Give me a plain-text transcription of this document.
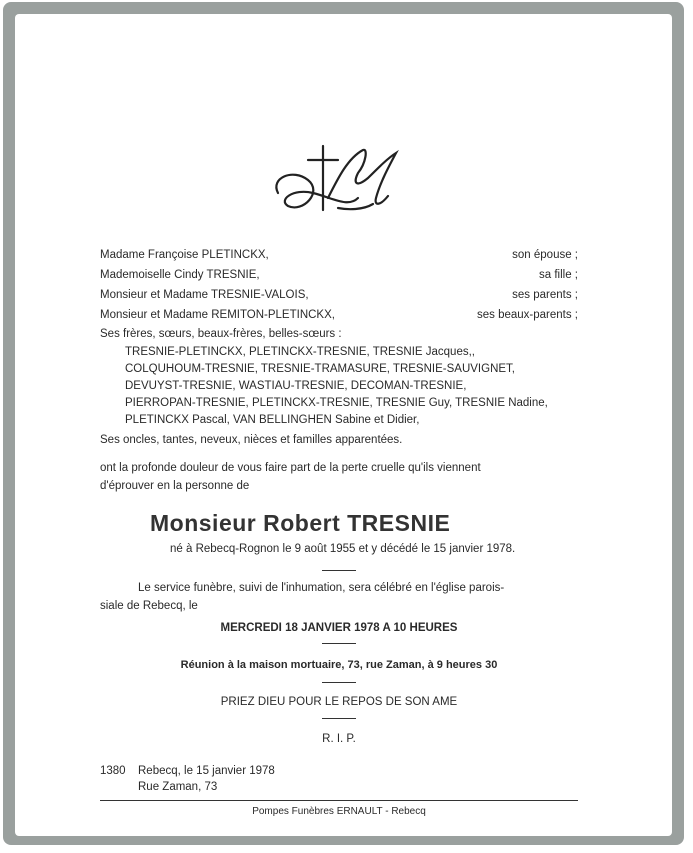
Madame Françoise PLETINCKX,	son épouse ;
Mademoiselle Cindy TRESNIE,	sa fille ;
Monsieur et Madame TRESNIE-VALOIS,	ses parents ;
Monsieur et Madame REMITON-PLETINCKX,	ses beaux-parents ;
Ses frères, sœurs, beaux-frères, belles-sœurs :
TRESNIE-PLETINCKX, PLETINCKX-TRESNIE, TRESNIE Jacques,,
COLQUHOUM-TRESNIE, TRESNIE-TRAMASURE, TRESNIE-SAUVIGNET,
DEVUYST-TRESNIE, WASTIAU-TRESNIE, DECOMAN-TRESNIE,
PIERROPAN-TRESNIE, PLETINCKX-TRESNIE, TRESNIE Guy, TRESNIE Nadine,
PLETINCKX Pascal, VAN BELLINGHEN Sabine et Didier,
Ses oncles, tantes, neveux, nièces et familles apparentées.
ont la profonde douleur de vous faire part de la perte cruelle qu'ils viennent
d'éprouver en la personne de
Monsieur Robert TRESNIE
né à Rebecq-Rognon le 9 août 1955 et y décédé le 15 janvier 1978.
Le service funèbre, suivi de l'inhumation, sera célébré en l'église parois-
siale de Rebecq, le
MERCREDI 18 JANVIER 1978 A 10 HEURES
Réunion à la maison mortuaire, 73, rue Zaman, à 9 heures 30
PRIEZ DIEU POUR LE REPOS DE SON AME
R. I. P.
1380	Rebecq, le 15 janvier 1978
Rue Zaman, 73
Pompes Funèbres ERNAULT - Rebecq
